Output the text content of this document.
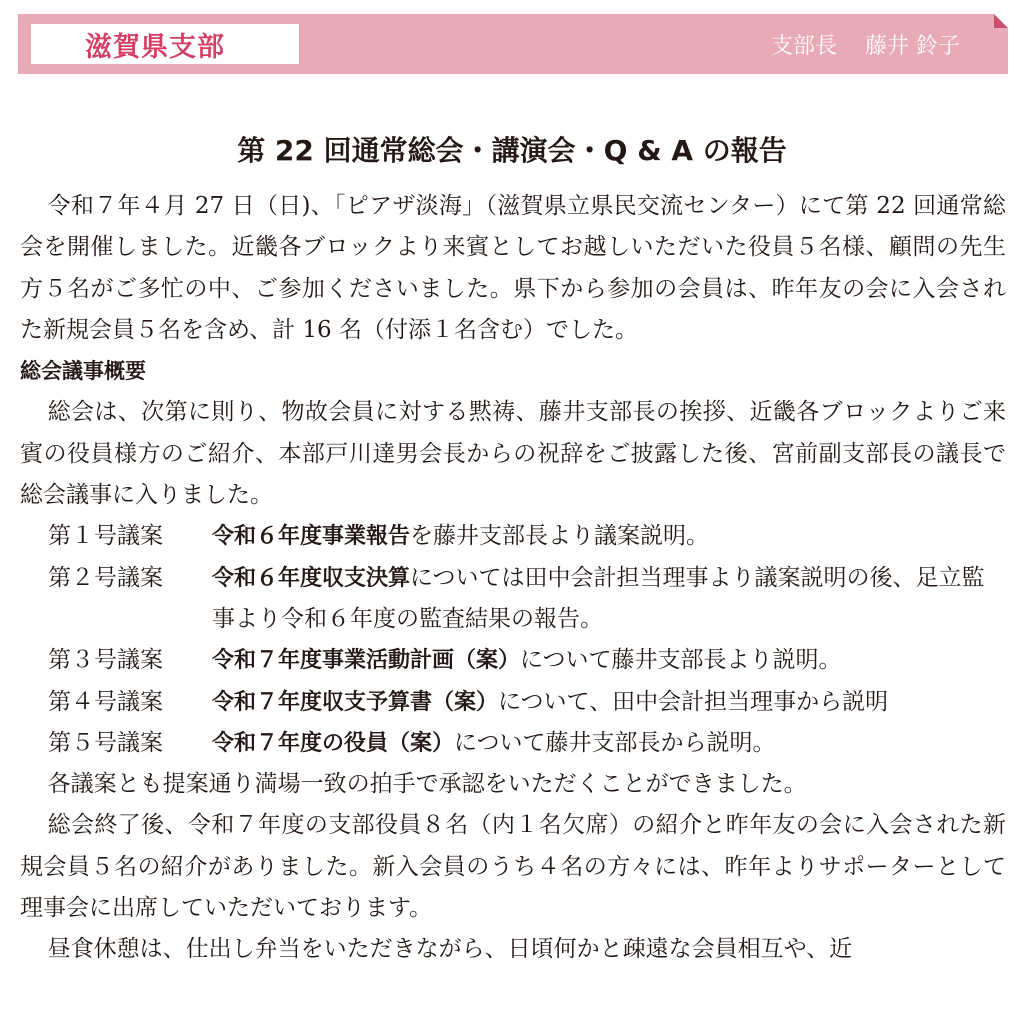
滋賀県支部	支部長 藤井 鈴子
第 22 回通常総会・講演会・Q & A の報告

令和７年４月 27 日（日)、「ピアザ淡海」（滋賀県立県民交流センター）にて第 22 回通常総会を開催しました。近畿各ブロックより来賓としてお越しいただいた役員５名様、顧問の先生方５名がご多忙の中、ご参加くださいました。県下から参加の会員は、昨年友の会に入会された新規会員５名を含め、計 16 名（付添１名含む）でした。

総会議事概要

総会は、次第に則り、物故会員に対する黙祷、藤井支部長の挨拶、近畿各ブロックよりご来賓の役員様方のご紹介、本部戸川達男会長からの祝辞をご披露した後、宮前副支部長の議長で総会議事に入りました。

第１号議案	令和６年度事業報告を藤井支部長より議案説明。
第２号議案	令和６年度収支決算については田中会計担当理事より議案説明の後、足立監事より令和６年度の監査結果の報告。
第３号議案	令和７年度事業活動計画（案）について藤井支部長より説明。
第４号議案	令和７年度収支予算書（案）について、田中会計担当理事から説明
第５号議案	令和７年度の役員（案）について藤井支部長から説明。

各議案とも提案通り満場一致の拍手で承認をいただくことができました。

総会終了後、令和７年度の支部役員８名（内１名欠席）の紹介と昨年友の会に入会された新規会員５名の紹介がありました。新入会員のうち４名の方々には、昨年よりサポーターとして理事会に出席していただいております。

昼食休憩は、仕出し弁当をいただきながら、日頃何かと疎遠な会員相互や、近
